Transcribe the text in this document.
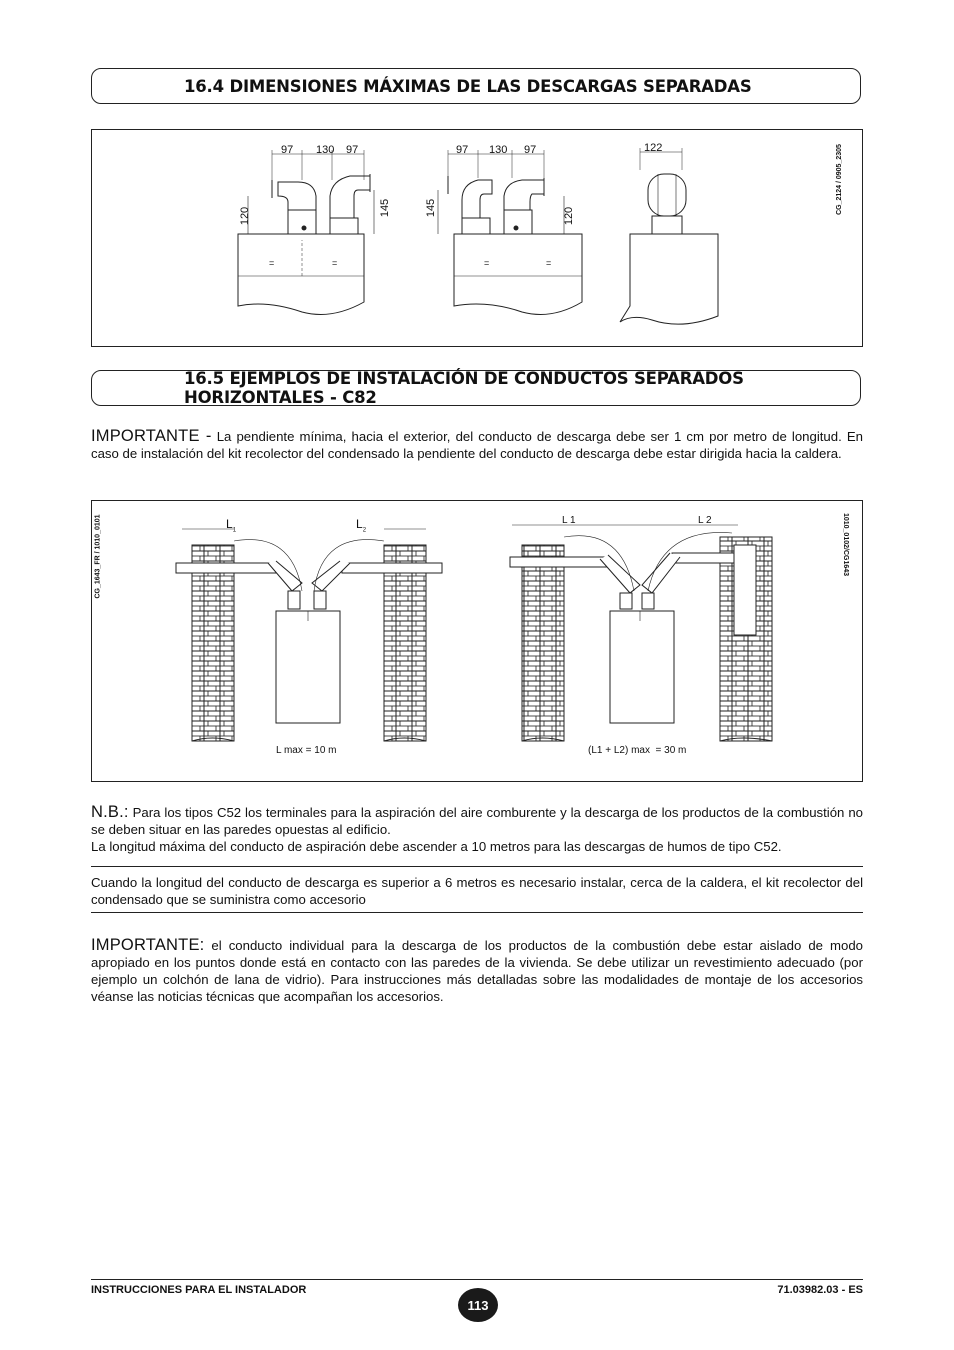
16.4 DIMENSIONES MÁXIMAS DE LAS DESCARGAS SEPARADAS
97 130 97
120	145
97 130 97
145	120
122
=	=	=	=
CG_2124 / 0905_2305
16.5 EJEMPLOS DE INSTALACIÓN DE CONDUCTOS SEPARADOS HORIZONTALES - C82
IMPORTANTE - La pendiente mínima, hacia el exterior, del conducto de descarga debe ser 1 cm por metro de longitud. En caso de instalación del kit recolector del condensado la pendiente del conducto de descarga debe estar dirigida hacia la caldera.
$L_1$	$L_2$
L 1	L 2
L max = 10 m	(L1 + L2) max  = 30 m
CG_1643_FR / 1010_0101	1010_0102/CG1643
N.B.: Para los tipos C52 los terminales para la aspiración del aire comburente y la descarga de los productos de la combustión no se deben situar en las paredes opuestas al edificio.
La longitud máxima del conducto de aspiración debe ascender a 10 metros para las descargas de humos de tipo C52.
Cuando la longitud del conducto de descarga es superior a 6 metros es necesario instalar, cerca de la caldera, el kit recolector del condensado que se suministra como accesorio
IMPORTANTE: el conducto individual para la descarga de los productos de la combustión debe estar aislado de modo apropiado en los puntos donde está en contacto con las paredes de la vivienda. Se debe utilizar un revestimiento adecuado (por ejemplo un colchón de lana de vidrio). Para instrucciones más detalladas sobre las modalidades de montaje de los accesorios véanse las noticias técnicas que acompañan los accesorios.
INSTRUCCIONES PARA EL INSTALADOR
113
71.03982.03 - ES
